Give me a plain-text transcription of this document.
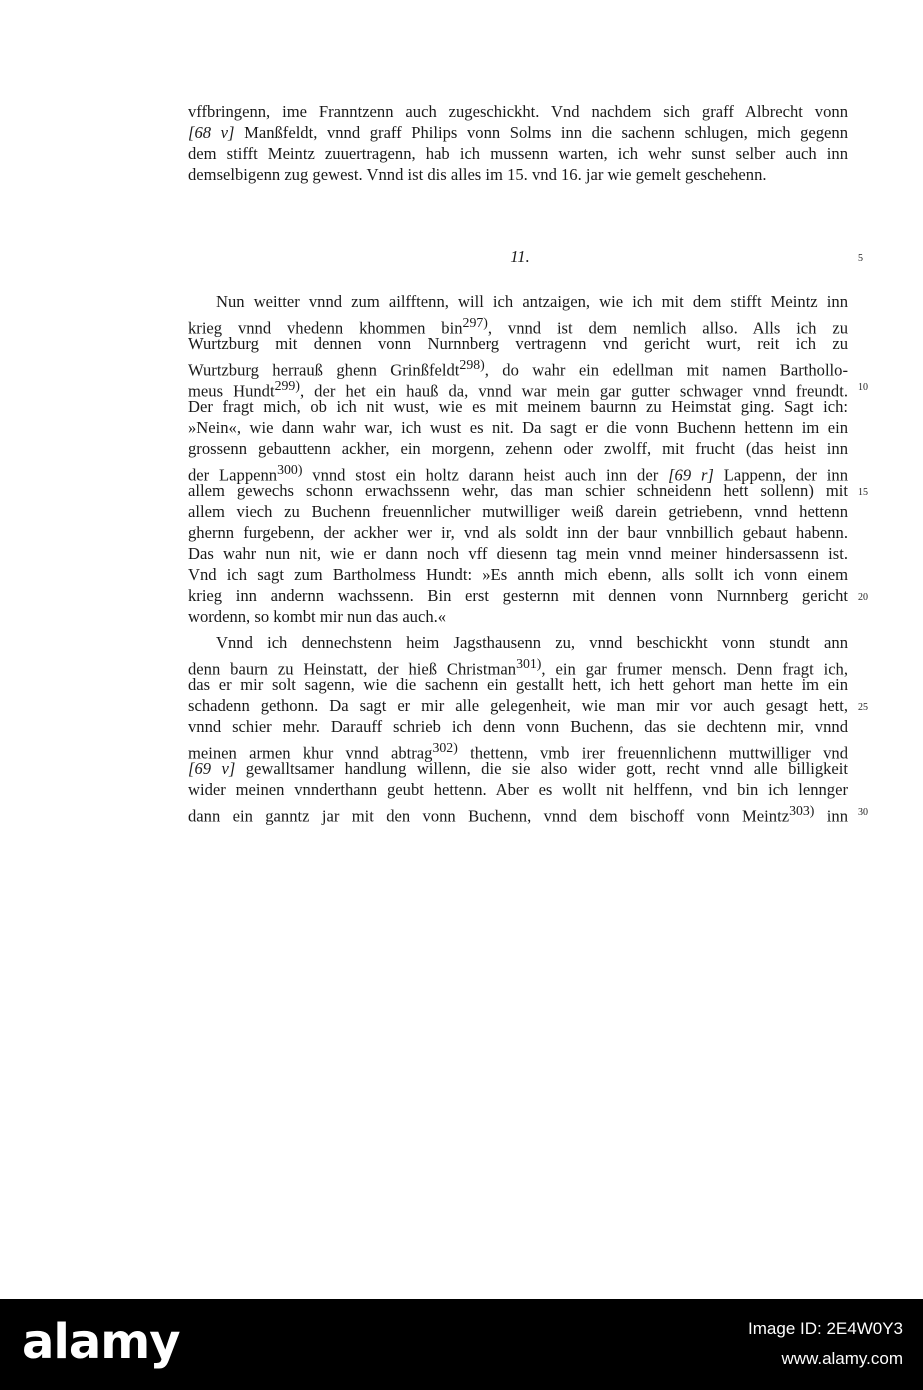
vffbringenn, ime Franntzenn auch zugeschickht. Vnd nachdem sich graff Albrecht vonn
[68 v] Manßfeldt, vnnd graff Philips vonn Solms inn die sachenn schlugen, mich gegenn
dem stifft Meintz zuuertragenn, hab ich mussenn warten, ich wehr sunst selber auch inn
demselbigenn zug gewest. Vnnd ist dis alles im 15. vnd 16. jar wie gemelt geschehenn.
11.	5
Nun weitter vnnd zum ailfftenn, will ich antzaigen, wie ich mit dem stifft Meintz inn
krieg vnnd vhedenn khommen bin$^{297)}$, vnnd ist dem nemlich allso. Alls ich zu
Wurtzburg mit dennen vonn Nurnnberg vertragenn vnd gericht wurt, reit ich zu
Wurtzburg herrauß ghenn Grinßfeldt$^{298)}$, do wahr ein edellman mit namen Barthollo-
meus Hundt$^{299)}$, der het ein hauß da, vnnd war mein gar gutter schwager vnnd freundt. 10
Der fragt mich, ob ich nit wust, wie es mit meinem baurnn zu Heimstat ging. Sagt ich:
»Nein«, wie dann wahr war, ich wust es nit. Da sagt er die vonn Buchenn hettenn im ein
grossenn gebauttenn ackher, ein morgenn, zehenn oder zwolff, mit frucht (das heist inn
der Lappenn$^{300)}$ vnnd stost ein holtz darann heist auch inn der [69 r] Lappenn, der inn
allem gewechs schonn erwachssenn wehr, das man schier schneidenn hett sollenn) mit 15
allem viech zu Buchenn freuennlicher mutwilliger weiß darein getriebenn, vnnd hettenn
ghernn furgebenn, der ackher wer ir, vnd als soldt inn der baur vnnbillich gebaut habenn.
Das wahr nun nit, wie er dann noch vff diesenn tag mein vnnd meiner hindersassenn ist.
Vnd ich sagt zum Bartholmess Hundt: »Es annth mich ebenn, alls sollt ich vonn einem
krieg inn andernn wachssenn. Bin erst gesternn mit dennen vonn Nurnnberg gericht 20
wordenn, so kombt mir nun das auch.«
Vnnd ich dennechstenn heim Jagsthausenn zu, vnnd beschickht vonn stundt ann
denn baurn zu Heinstatt, der hieß Christman$^{301)}$, ein gar frumer mensch. Denn fragt ich,
das er mir solt sagenn, wie die sachenn ein gestallt hett, ich hett gehort man hette im ein
schadenn gethonn. Da sagt er mir alle gelegenheit, wie man mir vor auch gesagt hett, 25
vnnd schier mehr. Darauff schrieb ich denn vonn Buchenn, das sie dechtenn mir, vnnd
meinen armen khur vnnd abtrag$^{302)}$ thettenn, vmb irer freuennlichenn muttwilliger vnd
[69 v] gewalltsamer handlung willenn, die sie also wider gott, recht vnnd alle billigkeit
wider meinen vnnderthann geubt hettenn. Aber es wollt nit helffenn, vnd bin ich lennger
dann ein ganntz jar mit den vonn Buchenn, vnnd dem bischoff vonn Meintz$^{303)}$ inn 30
alamy	Image ID: 2E4W0Y3
www.alamy.com
